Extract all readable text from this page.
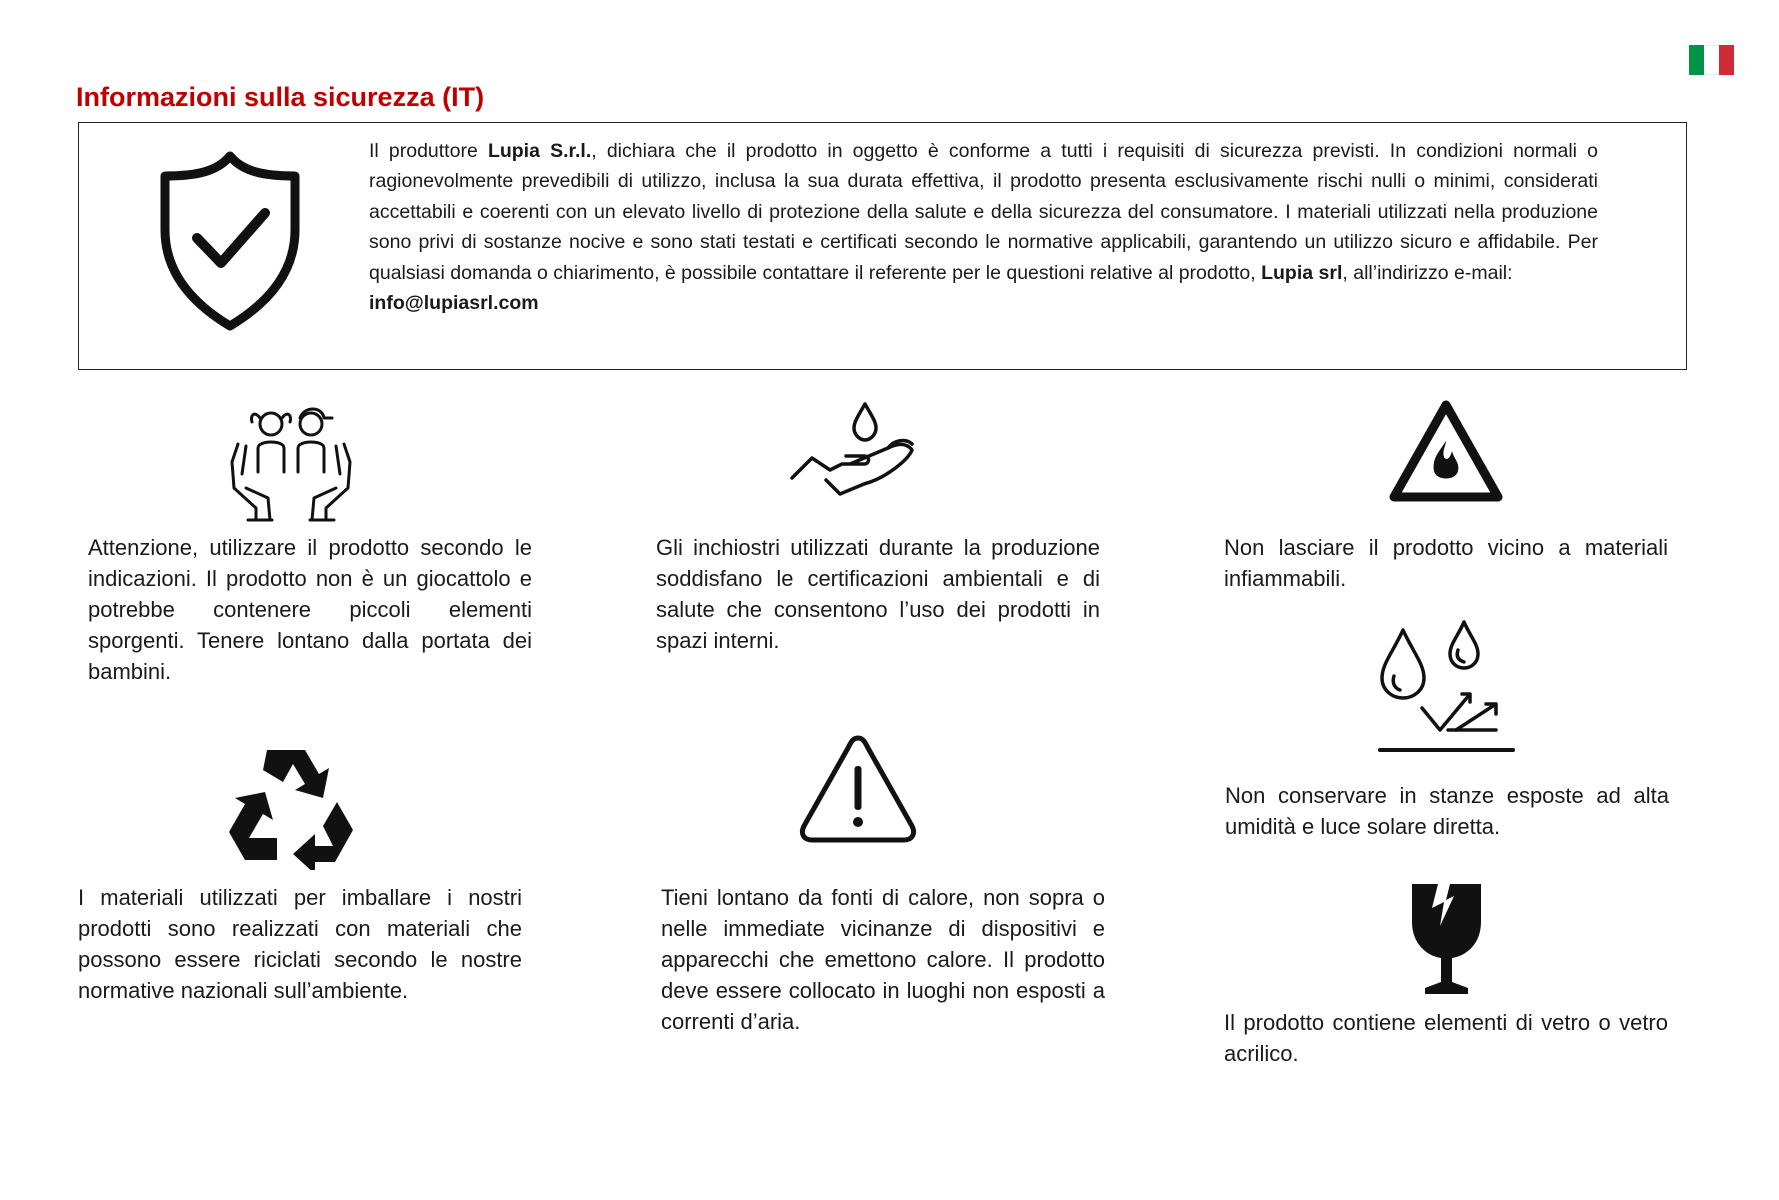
Informazioni sulla sicurezza (IT)
Il produttore Lupia S.r.l., dichiara che il prodotto in oggetto è conforme a tutti i requisiti di sicurezza previsti. In condizioni normali o ragionevolmente prevedibili di utilizzo, inclusa la sua durata effettiva, il prodotto presenta esclusivamente rischi nulli o minimi, considerati accettabili e coerenti con un elevato livello di protezione della salute e della sicurezza del consumatore. I materiali utilizzati nella produzione sono privi di sostanze nocive e sono stati testati e certificati secondo le normative applicabili, garantendo un utilizzo sicuro e affidabile. Per qualsiasi domanda o chiarimento, è possibile contattare il referente per le questioni relative al prodotto, Lupia srl, all’indirizzo e-mail:
info@lupiasrl.com
Attenzione, utilizzare il prodotto secondo le indicazioni. Il prodotto non è un giocattolo e potrebbe contenere piccoli elementi sporgenti. Tenere lontano dalla portata dei bambini.
Gli inchiostri utilizzati durante la produzione soddisfano le certificazioni ambientali e di salute che consentono l’uso dei prodotti in spazi interni.
Non lasciare il prodotto vicino a materiali infiammabili.
Non conservare in stanze esposte ad alta umidità e luce solare diretta.
I materiali utilizzati per imballare i nostri prodotti sono realizzati con materiali che possono essere riciclati secondo le nostre normative nazionali sull’ambiente.
Tieni lontano da fonti di calore, non sopra o nelle immediate vicinanze di dispositivi e apparecchi che emettono calore. Il prodotto deve essere collocato in luoghi non esposti a correnti d’aria.	Il prodotto contiene elementi di vetro o vetro acrilico.
